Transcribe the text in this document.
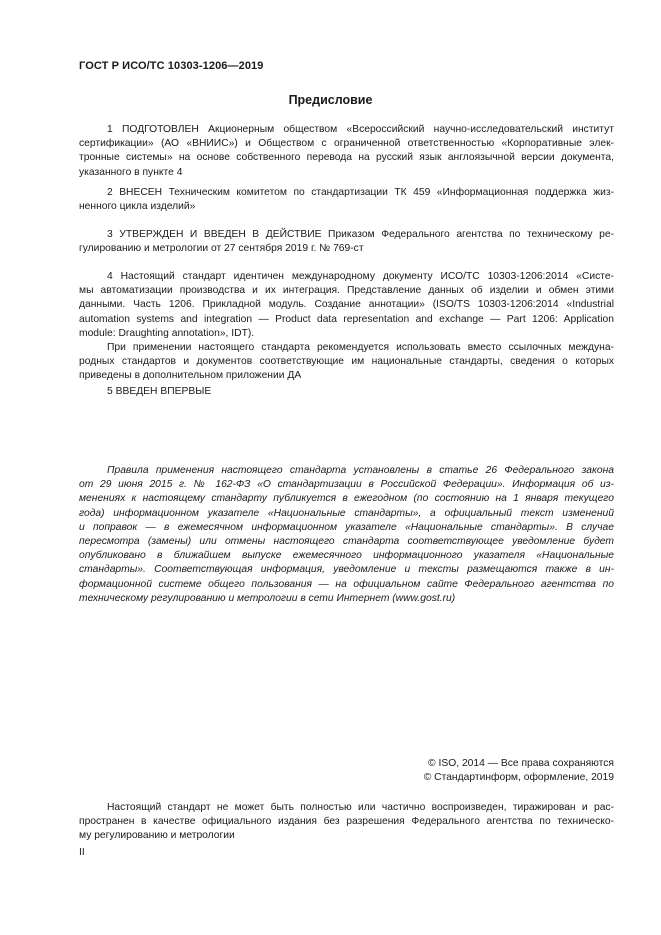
ГОСТ Р ИСО/ТС 10303-1206—2019
Предисловие
1 ПОДГОТОВЛЕН Акционерным обществом «Всероссийский научно-исследовательский институт
сертификации» (АО «ВНИИС») и Обществом с ограниченной ответственностью «Корпоративные элек-
тронные системы» на основе собственного перевода на русский язык англоязычной версии документа,
указанного в пункте 4
2 ВНЕСЕН Техническим комитетом по стандартизации ТК 459 «Информационная поддержка жиз-
ненного цикла изделий»
3 УТВЕРЖДЕН И ВВЕДЕН В ДЕЙСТВИЕ Приказом Федерального агентства по техническому ре-
гулированию и метрологии от 27 сентября 2019 г. № 769-ст
4 Настоящий стандарт идентичен международному документу ИСО/ТС 10303-1206:2014 «Систе-
мы автоматизации производства и их интеграция. Представление данных об изделии и обмен этими
данными. Часть 1206. Прикладной модуль. Создание аннотации» (ISO/TS 10303-1206:2014 «Industrial
automation systems and integration — Product data representation and exchange — Part 1206: Application
module: Draughting annotation», IDT).
При применении настоящего стандарта рекомендуется использовать вместо ссылочных междуна-
родных стандартов и документов соответствующие им национальные стандарты, сведения о которых
приведены в дополнительном приложении ДА
5 ВВЕДЕН ВПЕРВЫЕ
Правила применения настоящего стандарта установлены в статье 26 Федерального закона
от 29 июня 2015 г. № 162-ФЗ «О стандартизации в Российской Федерации». Информация об из-
менениях к настоящему стандарту публикуется в ежегодном (по состоянию на 1 января текущего
года) информационном указателе «Национальные стандарты», а официальный текст изменений
и поправок — в ежемесячном информационном указателе «Национальные стандарты». В случае
пересмотра (замены) или отмены настоящего стандарта соответствующее уведомление будет
опубликовано в ближайшем выпуске ежемесячного информационного указателя «Национальные
стандарты». Соответствующая информация, уведомление и тексты размещаются также в ин-
формационной системе общего пользования — на официальном сайте Федерального агентства по
техническому регулированию и метрологии в сети Интернет (www.gost.ru)
© ISO, 2014 — Все права сохраняются
© Стандартинформ, оформление, 2019
Настоящий стандарт не может быть полностью или частично воспроизведен, тиражирован и рас-
пространен в качестве официального издания без разрешения Федерального агентства по техническо-
му регулированию и метрологии
II
